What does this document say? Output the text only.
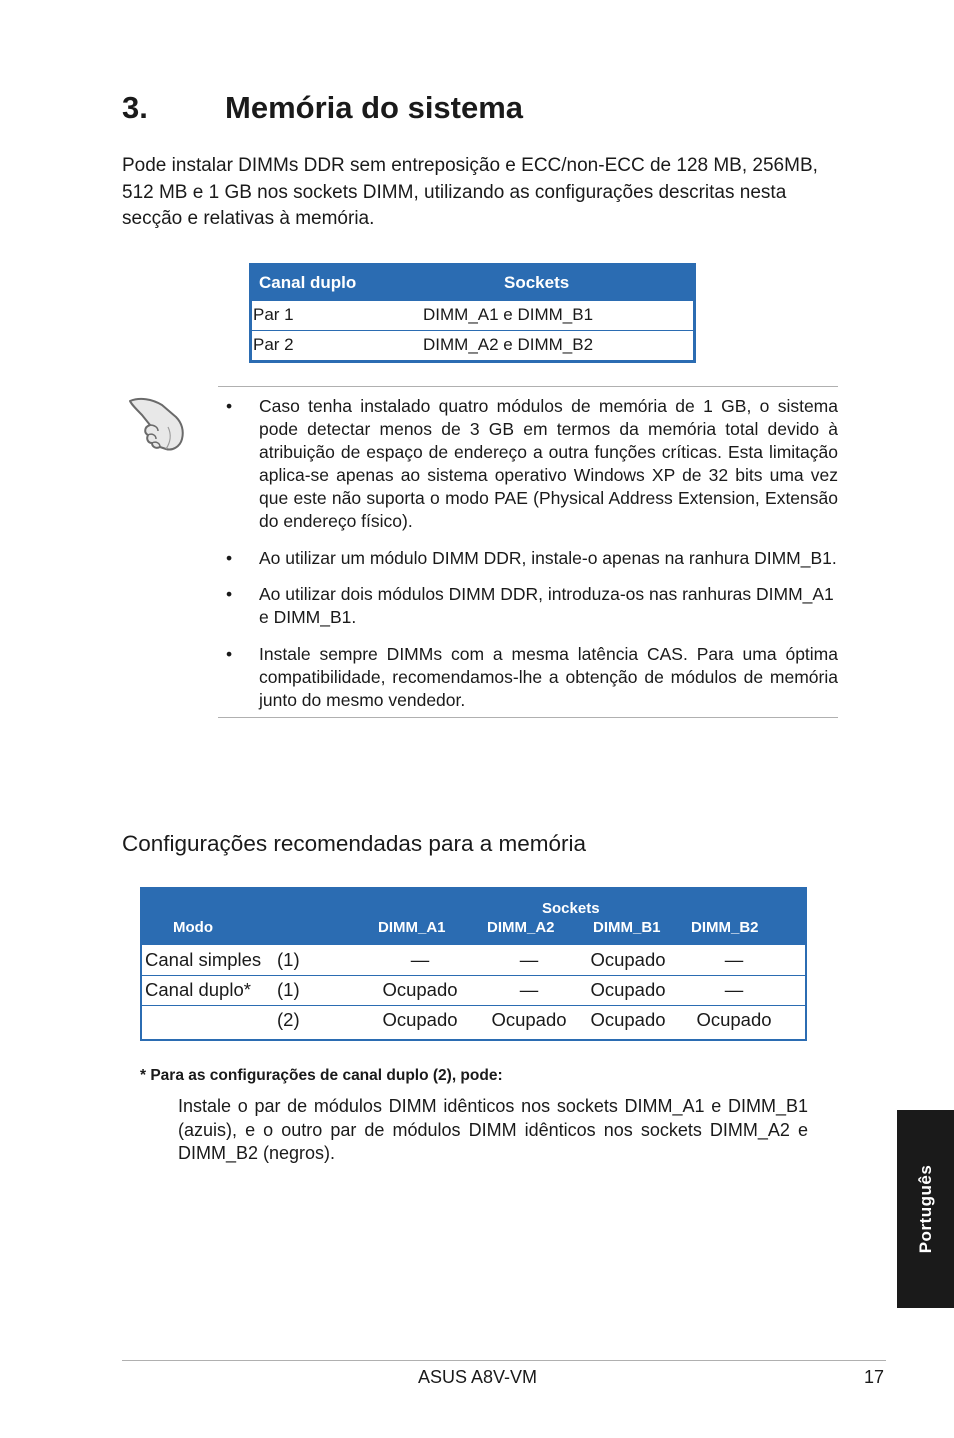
3. Memória do sistema
Pode instalar DIMMs DDR sem entreposição e ECC/non-ECC de 128 MB, 256MB, 512 MB e 1 GB nos sockets DIMM, utilizando as configurações descritas nesta secção e relativas à memória.
Canal duplo	Sockets
Par 1	DIMM_A1 e DIMM_B1
Par 2	DIMM_A2 e DIMM_B2
•	Caso tenha instalado quatro módulos de memória de 1 GB, o sistema pode detectar menos de 3 GB em termos da memória total devido à atribuição de espaço de endereço a outra funções críticas. Esta limitação aplica-se apenas ao sistema operativo Windows XP de 32 bits uma vez que este não suporta o modo PAE (Physical Address Extension, Extensão do endereço físico).
•	Ao utilizar um módulo DIMM DDR, instale-o apenas na ranhura DIMM_B1.
•	Ao utilizar dois módulos DIMM DDR, introduza-os nas ranhuras DIMM_A1 e DIMM_B1.
•	Instale sempre DIMMs com a mesma latência CAS. Para uma óptima compatibilidade, recomendamos-lhe a obtenção de módulos de memória junto do mesmo vendedor.
Configurações recomendadas para a memória
Sockets
Modo	DIMM_A1	DIMM_A2	DIMM_B1 DIMM_B2
Canal simples (1)	—	—	Ocupado	—
Canal duplo* (1)	Ocupado	—	Ocupado	—
(2)	Ocupado Ocupado Ocupado Ocupado
* Para as configurações de canal duplo (2), pode:
Instale o par de módulos DIMM idênticos nos sockets DIMM_A1 e DIMM_B1 (azuis), e o outro par de módulos DIMM idênticos nos sockets DIMM_A2 e DIMM_B2 (negros).
Português
ASUS A8V-VM	17
